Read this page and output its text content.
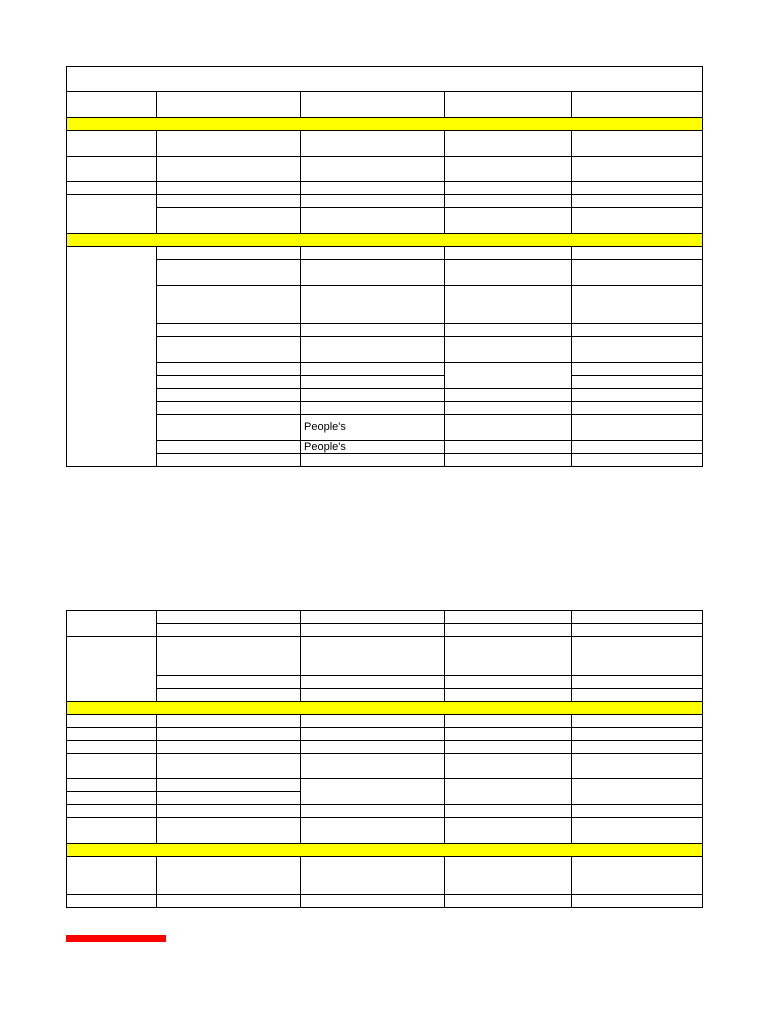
People's
People's
